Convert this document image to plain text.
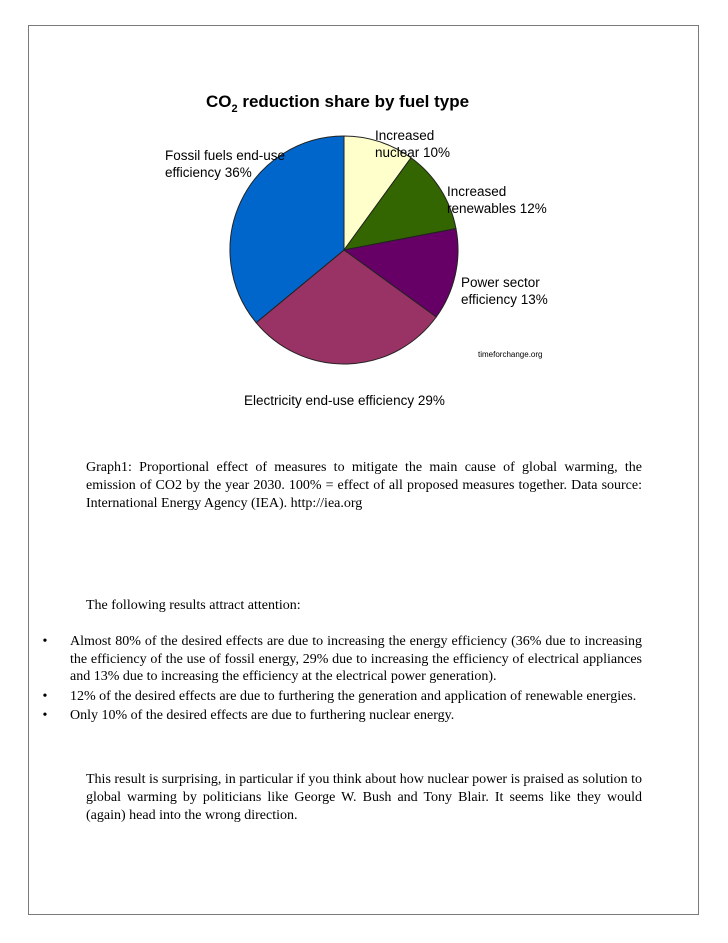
$CO_2$ reduction share by fuel type
Increased nuclear 10%
Increased renewables 12%
Power sector efficiency 13%
Electricity end-use efficiency 29%
Fossil fuels end-use efficiency 36%
timeforchange.org
Graph1: Proportional effect of measures to mitigate the main cause of global warming, the emission of CO2 by the year 2030. 100% = effect of all proposed measures together. Data source: International Energy Agency (IEA). http://iea.org
The following results attract attention:
• Almost 80% of the desired effects are due to increasing the energy efficiency (36% due to increasing the efficiency of the use of fossil energy, 29% due to increasing the efficiency of electrical appliances and 13% due to increasing the efficiency at the electrical power generation).
• 12% of the desired effects are due to furthering the generation and application of renewable energies.
• Only 10% of the desired effects are due to furthering nuclear energy.
This result is surprising, in particular if you think about how nuclear power is praised as solution to global warming by politicians like George W. Bush and Tony Blair. It seems like they would (again) head into the wrong direction.
